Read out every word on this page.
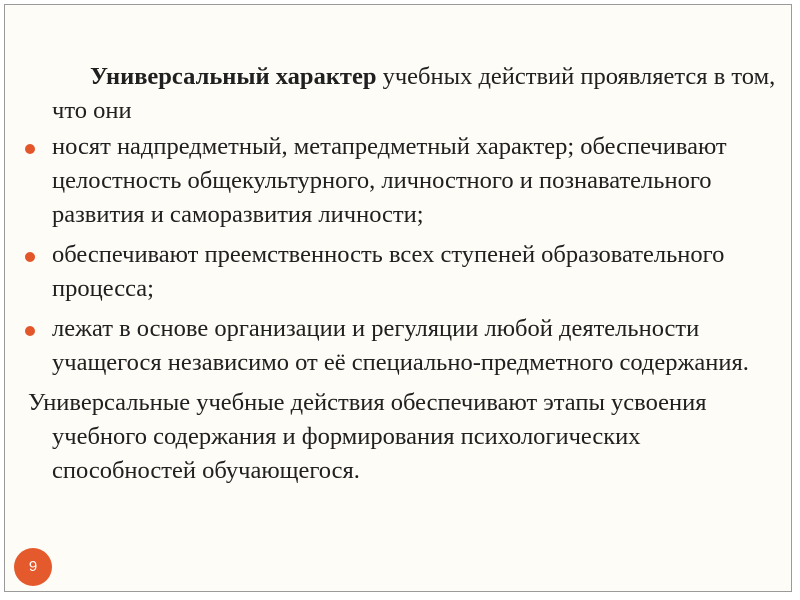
Универсальный характер учебных действий проявляется в том, что они

носят надпредметный, метапредметный характер; обеспечивают целостность общекультурного, личностного и познавательного развития и саморазвития личности;

обеспечивают преемственность всех ступеней образовательного процесса;

лежат в основе организации и регуляции любой деятельности учащегося независимо от её специально-предметного содержания.

Универсальные учебные действия обеспечивают этапы усвоения учебного содержания и формирования психологических способностей обучающегося.

9
